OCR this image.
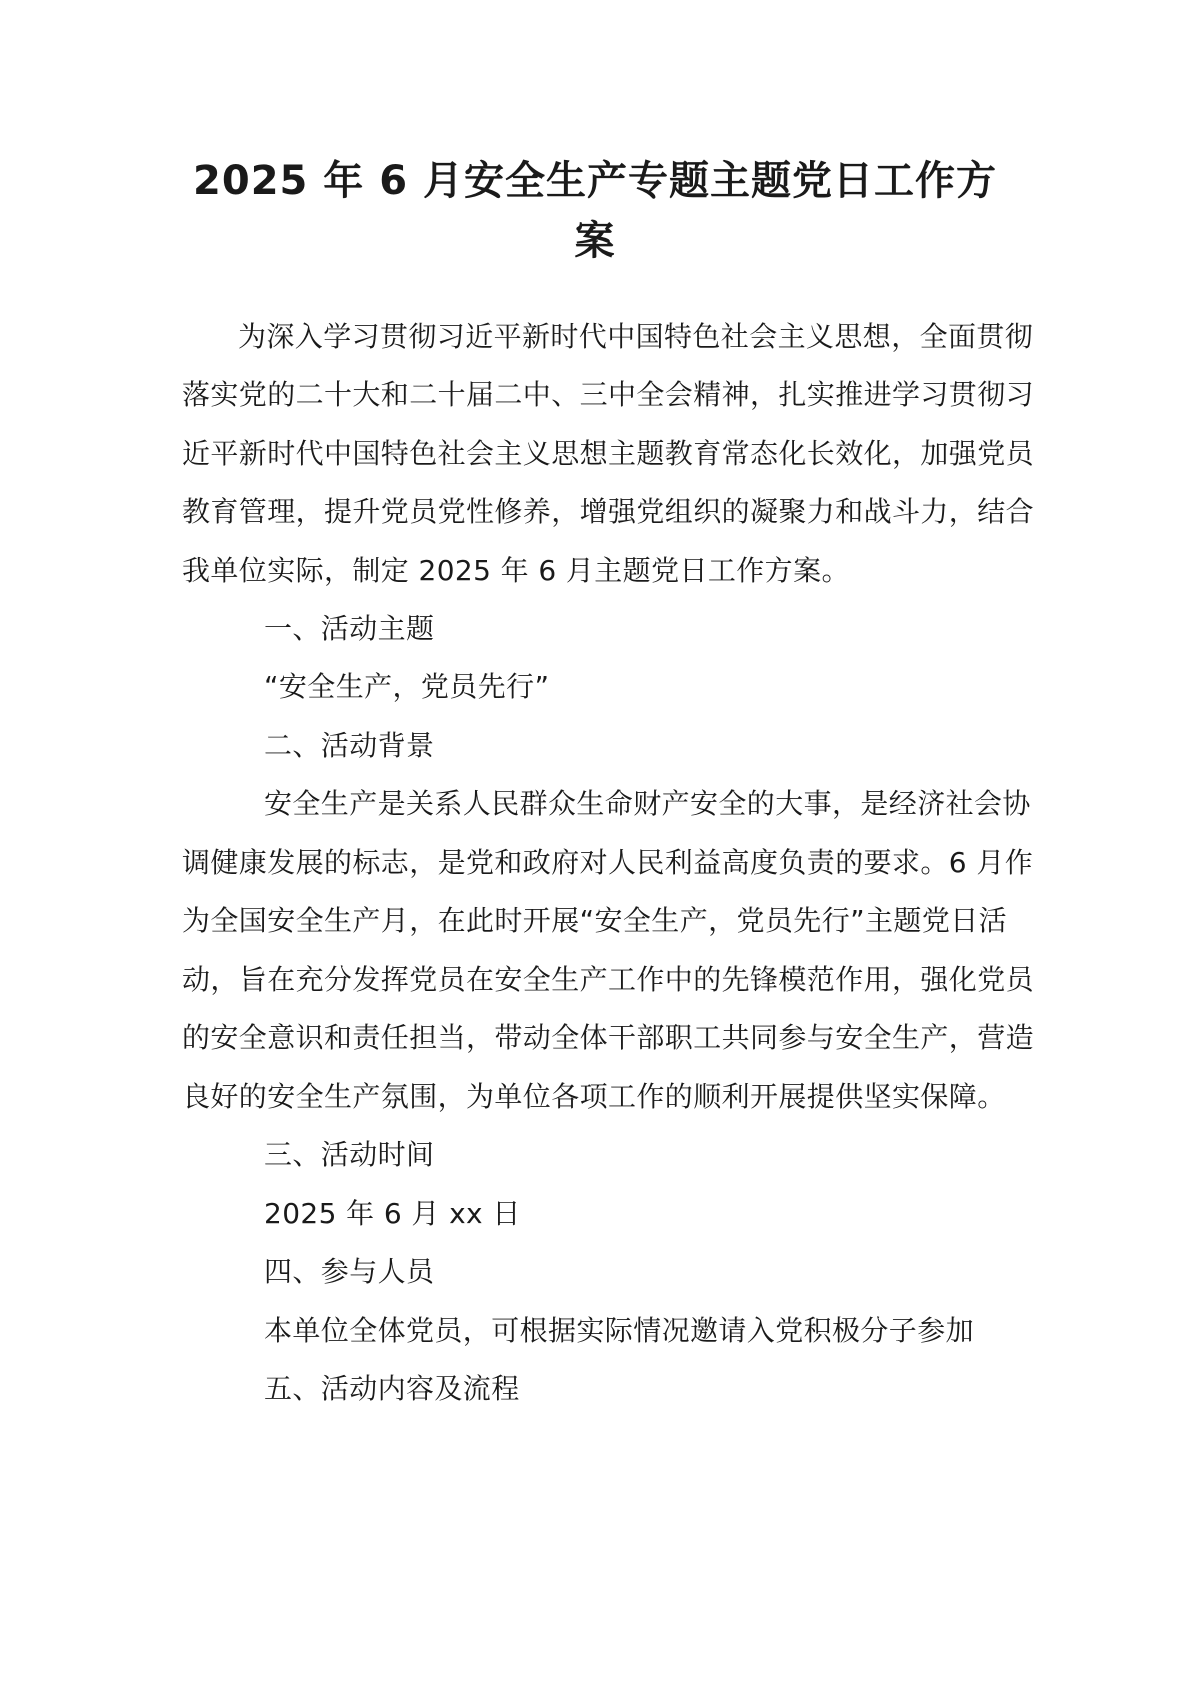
2025 年 6 月安全生产专题主题党日工作方
案
为深入学习贯彻习近平新时代中国特色社会主义思想，全面贯彻
落实党的二十大和二十届二中、三中全会精神，扎实推进学习贯彻习
近平新时代中国特色社会主义思想主题教育常态化长效化，加强党员
教育管理，提升党员党性修养，增强党组织的凝聚力和战斗力，结合
我单位实际，制定 2025 年 6 月主题党日工作方案。
一、活动主题
“安全生产，党员先行”
二、活动背景
安全生产是关系人民群众生命财产安全的大事，是经济社会协
调健康发展的标志，是党和政府对人民利益高度负责的要求。6 月作
为全国安全生产月，在此时开展“安全生产，党员先行”主题党日活
动，旨在充分发挥党员在安全生产工作中的先锋模范作用，强化党员
的安全意识和责任担当，带动全体干部职工共同参与安全生产，营造
良好的安全生产氛围，为单位各项工作的顺利开展提供坚实保障。
三、活动时间
2025 年 6 月 xx 日
四、参与人员
本单位全体党员，可根据实际情况邀请入党积极分子参加
五、活动内容及流程
